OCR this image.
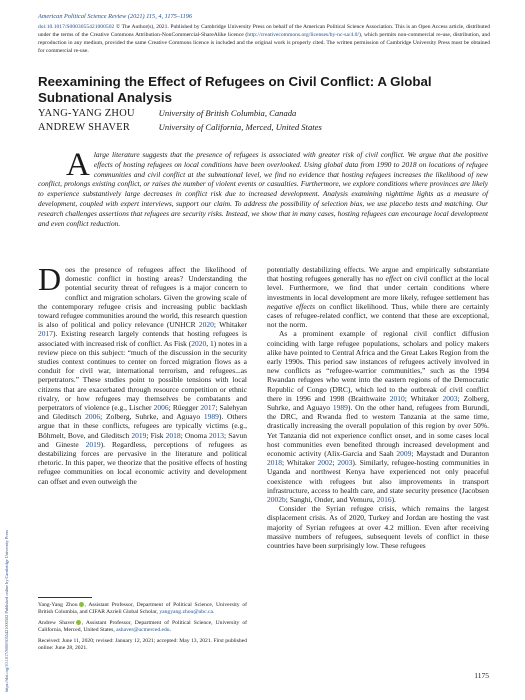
American Political Science Review (2021) 115, 4, 1175–1196
doi:10.1017/S0003055421000502 © The Author(s), 2021. Published by Cambridge University Press on behalf of the American Political Science Association. This is an Open Access article, distributed under the terms of the Creative Commons Attribution-NonCommercial-ShareAlike licence (http://creativecommons.org/licenses/by-nc-sa/4.0/), which permits non-commercial re-use, distribution, and reproduction in any medium, provided the same Creative Commons licence is included and the original work is properly cited. The written permission of Cambridge University Press must be obtained for commercial re-use.
Reexamining the Effect of Refugees on Civil Conflict: A Global Subnational Analysis
YANG-YANG ZHOU	University of British Columbia, Canada
ANDREW SHAVER	University of California, Merced, United States

Alarge literature suggests that the presence of refugees is associated with greater risk of civil conflict. We argue that the positive effects of hosting refugees on local conditions have been overlooked. Using global data from 1990 to 2018 on locations of refugee communities and civil conflict at the subnational level, we find no evidence that hosting refugees increases the likelihood of new conflict, prolongs existing conflict, or raises the number of violent events or casualties. Furthermore, we explore conditions where provinces are likely to experience substantively large decreases in conflict risk due to increased development. Analysis examining nighttime lights as a measure of development, coupled with expert interviews, support our claim. To address the possibility of selection bias, we use placebo tests and matching. Our research challenges assertions that refugees are security risks. Instead, we show that in many cases, hosting refugees can encourage local development and even conflict reduction.

Does the presence of refugees affect the likelihood of domestic conflict in hosting areas? Understanding the potential security threat of refugees is a major concern to conflict and migration scholars. Given the growing scale of the contemporary refugee crisis and increasing public backlash toward refugee communities around the world, this research question is also of political and policy relevance (UNHCR 2020; Whitaker 2017). Existing research largely contends that hosting refugees is associated with increased risk of conflict. As Fisk (2020, 1) notes in a review piece on this subject: “much of the discussion in the security studies context continues to center on forced migration flows as a conduit for civil war, international terrorism, and refugees...as perpetrators.” These studies point to possible tensions with local citizens that are exacerbated through resource competition or ethnic rivalry, or how refugees may themselves be combatants and perpetrators of violence (e.g., Lischer 2006; Rüegger 2017; Salehyan and Gleditsch 2006; Zolberg, Suhrke, and Aguayo 1989). Others argue that in these conflicts, refugees are typically victims (e.g., Böhmelt, Bove, and Gleditsch 2019; Fisk 2018; Onoma 2013; Savun and Gineste 2019). Regardless, perceptions of refugees as destabilizing forces are pervasive in the literature and political rhetoric. In this paper, we theorize that the positive effects of hosting refugee communities on local economic activity and development can offset and even outweigh the

potentially destabilizing effects. We argue and empirically substantiate that hosting refugees generally has no effect on civil conflict at the local level. Furthermore, we find that under certain conditions where investments in local development are more likely, refugee settlement has negative effects on conflict likelihood. Thus, while there are certainly cases of refugee-related conflict, we contend that these are exceptional, not the norm.

As a prominent example of regional civil conflict diffusion coinciding with large refugee populations, scholars and policy makers alike have pointed to Central Africa and the Great Lakes Region from the early 1990s. This period saw instances of refugees actively involved in new conflicts as “refugee-warrior communities,” such as the 1994 Rwandan refugees who went into the eastern regions of the Democratic Republic of Congo (DRC), which led to the outbreak of civil conflict there in 1996 and 1998 (Braithwaite 2010; Whitaker 2003; Zolberg, Suhrke, and Aguayo 1989). On the other hand, refugees from Burundi, the DRC, and Rwanda fled to western Tanzania at the same time, drastically increasing the overall population of this region by over 50%. Yet Tanzania did not experience conflict onset, and in some cases local host communities even benefited through increased development and economic activity (Alix-Garcia and Saah 2009; Maystadt and Duranton 2018; Whitaker 2002; 2003). Similarly, refugee-hosting communities in Uganda and northwest Kenya have experienced not only peaceful coexistence with refugees but also improvements in transport infrastructure, access to health care, and state security presence (Jacobsen 2002b; Sanghi, Onder, and Vemuru, 2016).

Consider the Syrian refugee crisis, which remains the largest displacement crisis. As of 2020, Turkey and Jordan are hosting the vast majority of Syrian refugees at over 4.2 million. Even after receiving massive numbers of refugees, subsequent levels of conflict in these countries have been surprisingly low. These refugees

Yang-Yang Zhou , Assistant Professor, Department of Political Science, University of British Columbia, and CIFAR Azrieli Global Scholar, yangyang.zhou@ubc.ca.

Andrew Shaver , Assistant Professor, Department of Political Science, University of California, Merced, United States, ashaver@ucmerced.edu.

Received: June 11, 2020; revised: January 12, 2021; accepted: May 13, 2021. First published online: June 28, 2021.

https://doi.org/10.1017/S0003055421000502 Published online by Cambridge University Press	1175
